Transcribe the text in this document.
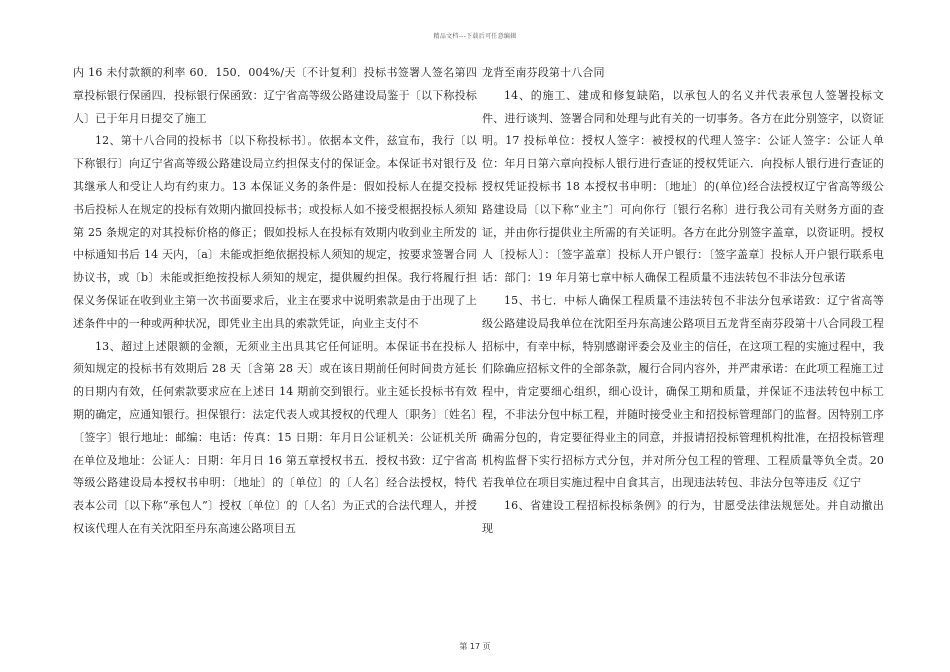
精品文档---下载后可任意编辑

内 16 未付款额的利率 60．150．004%/天〔不计复利〕投标书签署人签名第四章投标银行保函四．投标银行保函致：辽宁省高等级公路建设局鉴于〔以下称投标人〕已于年月日提交了施工

12、第十八合同的投标书〔以下称投标书〕。依据本文件，兹宣布，我行〔以下称银行〕向辽宁省高等级公路建设局立约担保支付的保证金。本保证书对银行及其继承人和受让人均有约束力。13 本保证义务的条件是：假如投标人在提交投标书后投标人在规定的投标有效期内撤回投标书；或投标人如不接受根据投标人须知第 25 条规定的对其投标价格的修正；假如投标人在投标有效期内收到业主所发的中标通知书后 14 天内，〔a〕未能或拒绝依据投标人须知的规定，按要求签署合同协议书，或〔b〕未能或拒绝按投标人须知的规定，提供履约担保。我行将履行担保义务保证在收到业主第一次书面要求后，业主在要求中说明索款是由于出现了上述条件中的一种或两种状况，即凭业主出具的索款凭证，向业主支付不

13、超过上述限额的金额，无须业主出具其它任何证明。本保证书在投标人须知规定的投标书有效期后 28 天〔含第 28 天〕或在该日期前任何时间贵方延长的日期内有效，任何索款要求应在上述日 14 期前交到银行。业主延长投标书有效期的确定，应通知银行。担保银行：法定代表人或其授权的代理人〔职务〕〔姓名〕〔签字〕银行地址：邮编：电话：传真：15 日期：年月日公证机关：公证机关所在单位及地址：公证人：日期：年月日 16 第五章授权书五．授权书致：辽宁省高等级公路建设局本授权书申明：〔地址〕的〔单位〕的〔人名〕经合法授权，特代表本公司〔以下称“承包人”〕授权〔单位〕的〔人名〕为正式的合法代理人，并授权该代理人在有关沈阳至丹东高速公路项目五

龙背至南芬段第十八合同

14、的施工、建成和修复缺陷，以承包人的名义并代表承包人签署投标文件、进行谈判、签署合同和处理与此有关的一切事务。各方在此分别签字，以资证明。17 投标单位：授权人签字：被授权的代理人签字：公证人签字：公证人单位：年月日第六章向投标人银行进行查证的授权凭证六．向投标人银行进行查证的授权凭证投标书 18 本授权书申明：〔地址〕的(单位)经合法授权辽宁省高等级公路建设局〔以下称“业主”〕可向你行〔银行名称〕进行我公司有关财务方面的查证，并由你行提供业主所需的有关证明。各方在此分别签字盖章，以资证明。授权人〔投标人〕：〔签字盖章〕投标人开户银行：〔签字盖章〕投标人开户银行联系电话：部门：19 年月第七章中标人确保工程质量不违法转包不非法分包承诺

15、书七．中标人确保工程质量不违法转包不非法分包承诺致：辽宁省高等级公路建设局我单位在沈阳至丹东高速公路项目五龙背至南芬段第十八合同段工程招标中，有幸中标，特别感谢评委会及业主的信任，在这项工程的实施过程中，我们除确应招标文件的全部条款，履行合同内容外，并严肃承诺：在此项工程施工过程中，肯定要细心组织，细心设计，确保工期和质量，并保证不违法转包中标工程，不非法分包中标工程，并随时接受业主和招投标管理部门的监督。因特别工序确需分包的，肯定要征得业主的同意，并报请招投标管理机构批准，在招投标管理机构监督下实行招标方式分包，并对所分包工程的管理、工程质量等负全责。20 若我单位在项目实施过程中自食其言，出现违法转包、非法分包等违反《辽宁

16、省建设工程招标投标条例》的行为，甘愿受法律法规惩处。并自动撤出现

第 17 页
